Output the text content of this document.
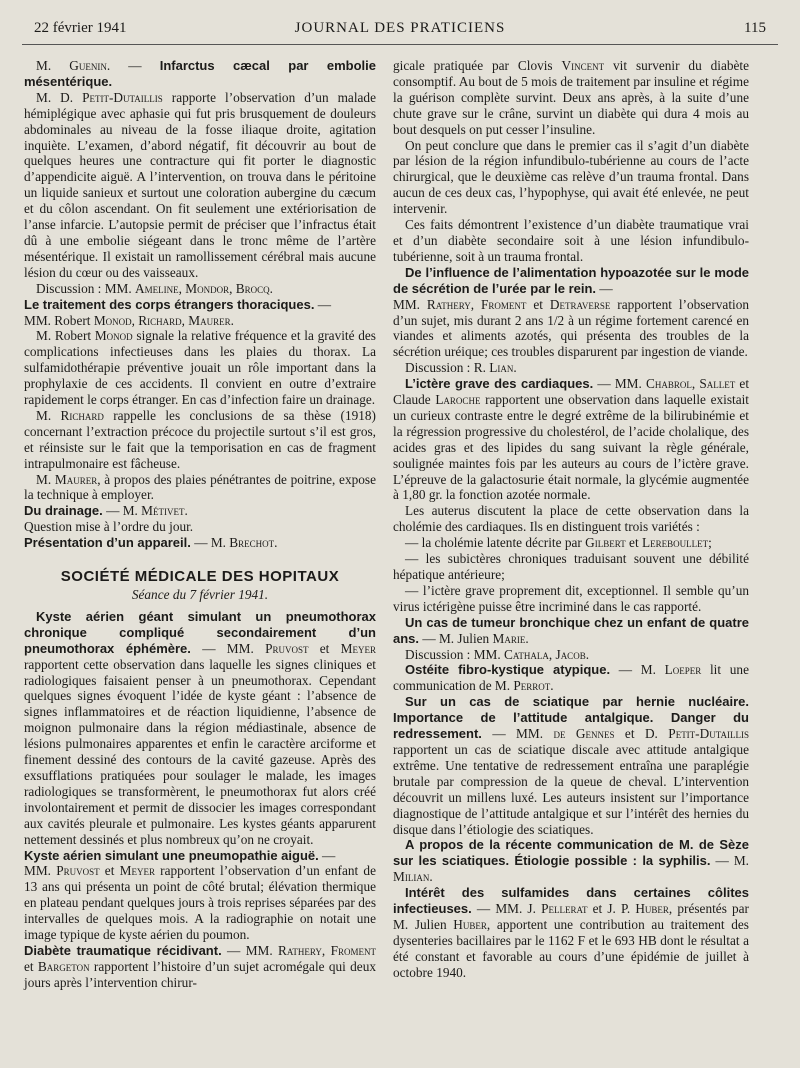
22 février 1941	JOURNAL DES PRATICIENS	115

M. Guenin. — Infarctus cæcal par embolie mésentérique.

M. D. Petit-Dutaillis rapporte l’observation d’un malade hémiplégique avec aphasie qui fut pris brusquement de douleurs abdominales au niveau de la fosse iliaque droite, agitation inquiète. L’examen, d’abord négatif, fit découvrir au bout de quelques heures une contracture qui fit porter le diagnostic d’appendicite aiguë. A l’intervention, on trouva dans le péritoine un liquide sanieux et surtout une coloration aubergine du cæcum et du côlon ascendant. On fit seulement une extériorisation de l’anse infarcie. L’autopsie permit de préciser que l’infractus était dû à une embolie siégeant dans le tronc même de l’artère mésentérique. Il existait un ramollissement cérébral mais aucune lésion du cœur ou des vaisseaux.

Discussion : MM. Ameline, Mondor, Brocq.

Le traitement des corps étrangers thoraciques. —

MM. Robert Monod, Richard, Maurer.

M. Robert Monod signale la relative fréquence et la gravité des complications infectieuses dans les plaies du thorax. La sulfamidothérapie préventive jouait un rôle important dans la prophylaxie de ces accidents. Il convient en outre d’extraire rapidement le corps étranger. En cas d’infection faire un drainage.

M. Richard rappelle les conclusions de sa thèse (1918) concernant l’extraction précoce du projectile surtout s’il est gros, et réinsiste sur le fait que la temporisation en cas de fragment intrapulmonaire est fâcheuse.

M. Maurer, à propos des plaies pénétrantes de poitrine, expose la technique à employer.

Du drainage. — M. Métivet.

Question mise à l’ordre du jour.

Présentation d’un appareil. — M. Brechot.

SOCIÉTÉ MÉDICALE DES HOPITAUX
Séance du 7 février 1941.

Kyste aérien géant simulant un pneumothorax chronique compliqué secondairement d’un pneumothorax éphémère. — MM. Pruvost et Meyer rapportent cette observation dans laquelle les signes cliniques et radiologiques faisaient penser à un pneumothorax. Cependant quelques signes évoquent l’idée de kyste géant : l’absence de signes inflammatoires et de réaction liquidienne, l’absence de moignon pulmonaire dans la région médiastinale, absence de lésions pulmonaires apparentes et enfin le caractère arciforme et finement dessiné des contours de la cavité gazeuse. Après des exsufflations pratiquées pour soulager le malade, les images radiologiques se transformèrent, le pneumothorax fut alors créé involontairement et permit de dissocier les images correspondant aux cavités pleurale et pulmonaire. Les kystes géants apparurent nettement dessinés et plus nombreux qu’on ne croyait.

Kyste aérien simulant une pneumopathie aiguë. —

MM. Pruvost et Meyer rapportent l’observation d’un enfant de 13 ans qui présenta un point de côté brutal; élévation thermique en plateau pendant quelques jours à trois reprises séparées par des intervalles de quelques mois. A la radiographie on notait une image typique de kyste aérien du poumon.

Diabète traumatique récidivant. — MM. Rathery, Froment et Bargeton rapportent l’histoire d’un sujet acromégale qui deux jours après l’intervention chirur-

gicale pratiquée par Clovis Vincent vit survenir du diabète consomptif. Au bout de 5 mois de traitement par insuline et régime la guérison complète survint. Deux ans après, à la suite d’une chute grave sur le crâne, survint un diabète qui dura 4 mois au bout desquels on put cesser l’insuline.

On peut conclure que dans le premier cas il s’agit d’un diabète par lésion de la région infundibulo-tubérienne au cours de l’acte chirurgical, que le deuxième cas relève d’un trauma frontal. Dans aucun de ces deux cas, l’hypophyse, qui avait été enlevée, ne peut intervenir.

Ces faits démontrent l’existence d’un diabète traumatique vrai et d’un diabète secondaire soit à une lésion infundibulo-tubérienne, soit à un trauma frontal.

De l’influence de l’alimentation hypoazotée sur le mode de sécrétion de l’urée par le rein. —

MM. Rathery, Froment et Detraverse rapportent l’observation d’un sujet, mis durant 2 ans 1/2 à un régime fortement carencé en viandes et aliments azotés, qui présenta des troubles de la sécrétion uréique; ces troubles disparurent par ingestion de viande.

Discussion : R. Lian.

L’ictère grave des cardiaques. — MM. Chabrol, Sallet et Claude Laroche rapportent une observation dans laquelle existait un curieux contraste entre le degré extrême de la bilirubinémie et la régression progressive du cholestérol, de l’acide cholalique, des acides gras et des lipides du sang suivant la règle générale, soulignée maintes fois par les auteurs au cours de l’ictère grave. L’épreuve de la galactosurie était normale, la glycémie augmentée à 1,80 gr. la fonction azotée normale.

Les auterus discutent la place de cette observation dans la cholémie des cardiaques. Ils en distinguent trois variétés :

— la cholémie latente décrite par Gilbert et Lereboullet;

— les subictères chroniques traduisant souvent une débilité hépatique antérieure;

— l’ictère grave proprement dit, exceptionnel. Il semble qu’un virus ictérigène puisse être incriminé dans le cas rapporté.

Un cas de tumeur bronchique chez un enfant de quatre ans. — M. Julien Marie.

Discussion : MM. Cathala, Jacob.

Ostéite fibro-kystique atypique. — M. Loeper lit une communication de M. Perrot.

Sur un cas de sciatique par hernie nucléaire. Importance de l’attitude antalgique. Danger du redressement. — MM. de Gennes et D. Petit-Dutaillis rapportent un cas de sciatique discale avec attitude antalgique extrême. Une tentative de redressement entraîna une paraplégie brutale par compression de la queue de cheval. L’intervention découvrit un millens luxé. Les auteurs insistent sur l’importance diagnostique de l’attitude antalgique et sur l’intérêt des hernies du disque dans l’étiologie des sciatiques.

A propos de la récente communication de M. de Sèze sur les sciatiques. Étiologie possible : la syphilis. — M. Milian.

Intérêt des sulfamides dans certaines côlites infectieuses. — MM. J. Pellerat et J. P. Huber, présentés par M. Julien Huber, apportent une contribution au traitement des dysenteries bacillaires par le 1162 F et le 693 HB dont le résultat a été constant et favorable au cours d’une épidémie de juillet à octobre 1940.
